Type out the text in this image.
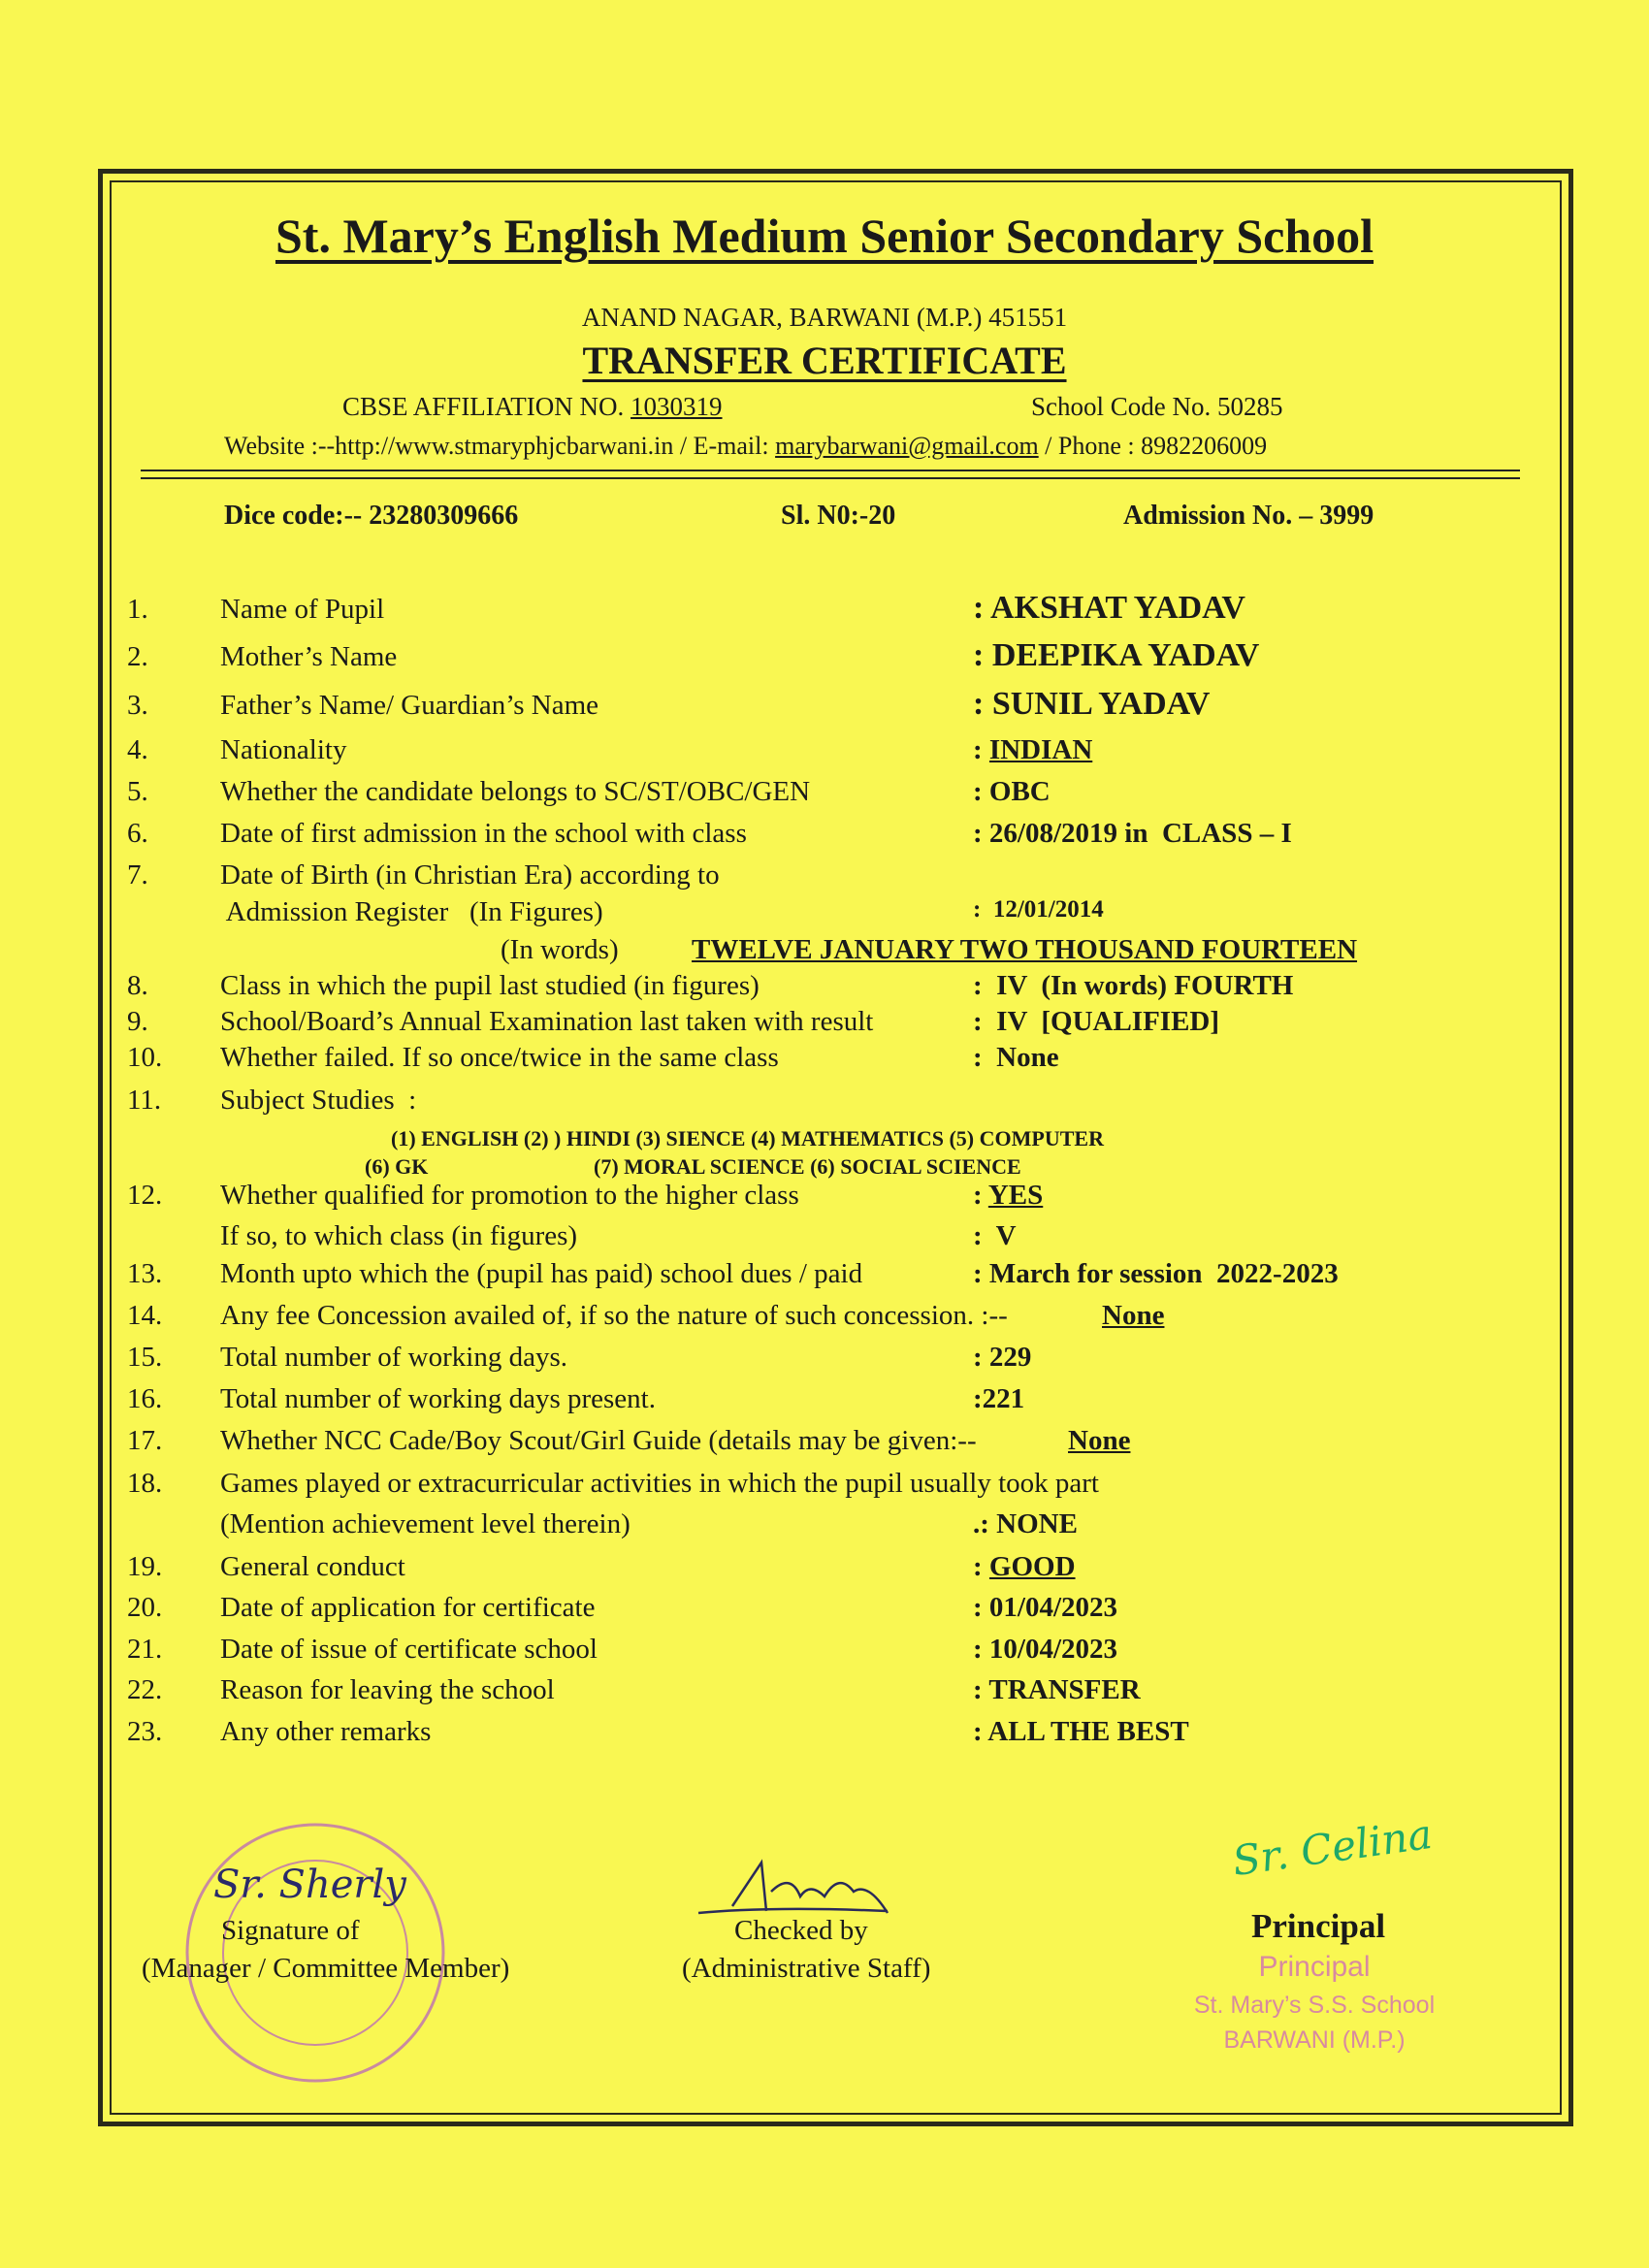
St. Mary’s English Medium Senior Secondary School
ANAND NAGAR, BARWANI (M.P.) 451551
TRANSFER CERTIFICATE
CBSE AFFILIATION NO. 1030319	School Code No. 50285
Website :--http://www.stmaryphjcbarwani.in / E-mail: marybarwani@gmail.com / Phone : 8982206009
Dice code:-- 23280309666	Sl. N0:-20	Admission No. – 3999
1.	Name of Pupil	: AKSHAT YADAV
2.	Mother’s Name	: DEEPIKA YADAV
3.	Father’s Name/ Guardian’s Name	: SUNIL YADAV
4.	Nationality	: INDIAN
5.	Whether the candidate belongs to SC/ST/OBC/GEN	: OBC
6.	Date of first admission in the school with class	: 26/08/2019 in  CLASS – I
7.	Date of Birth (in Christian Era) according to
Admission Register   (In Figures)	:  12/01/2014
8.	Class in which the pupil last studied (in figures)	:  IV  (In words) FOURTH
9.	School/Board’s Annual Examination last taken with result	:  IV  [QUALIFIED]
10. Whether failed. If so once/twice in the same class	:  None
11. Subject Studies  :
12. Whether qualified for promotion to the higher class	: YES
If so, to which class (in figures)	:  V
13. Month upto which the (pupil has paid) school dues / paid	: March for session  2022-2023
14. Any fee Concession availed of, if so the nature of such concession. :--	None
15. Total number of working days.	: 229
16. Total number of working days present.	:221
17. Whether NCC Cade/Boy Scout/Girl Guide (details may be given:--	None
18. Games played or extracurricular activities in which the pupil usually took part
(Mention achievement level therein)	.: NONE
19. General conduct	: GOOD
20. Date of application for certificate	: 01/04/2023
21. Date of issue of certificate school	: 10/04/2023
22. Reason for leaving the school	: TRANSFER
23. Any other remarks	: ALL THE BEST
(In words)	TWELVE JANUARY TWO THOUSAND FOURTEEN
(1) ENGLISH (2) ) HINDI (3) SIENCE (4) MATHEMATICS (5) COMPUTER
(6) GK	(7) MORAL SCIENCE (6) SOCIAL SCIENCE
Sr. Sherly
Signature of
(Manager / Committee Member)
Checked by
(Administrative Staff)
Sr. Celina
Principal
Principal
St. Mary’s S.S. School
BARWANI (M.P.)
